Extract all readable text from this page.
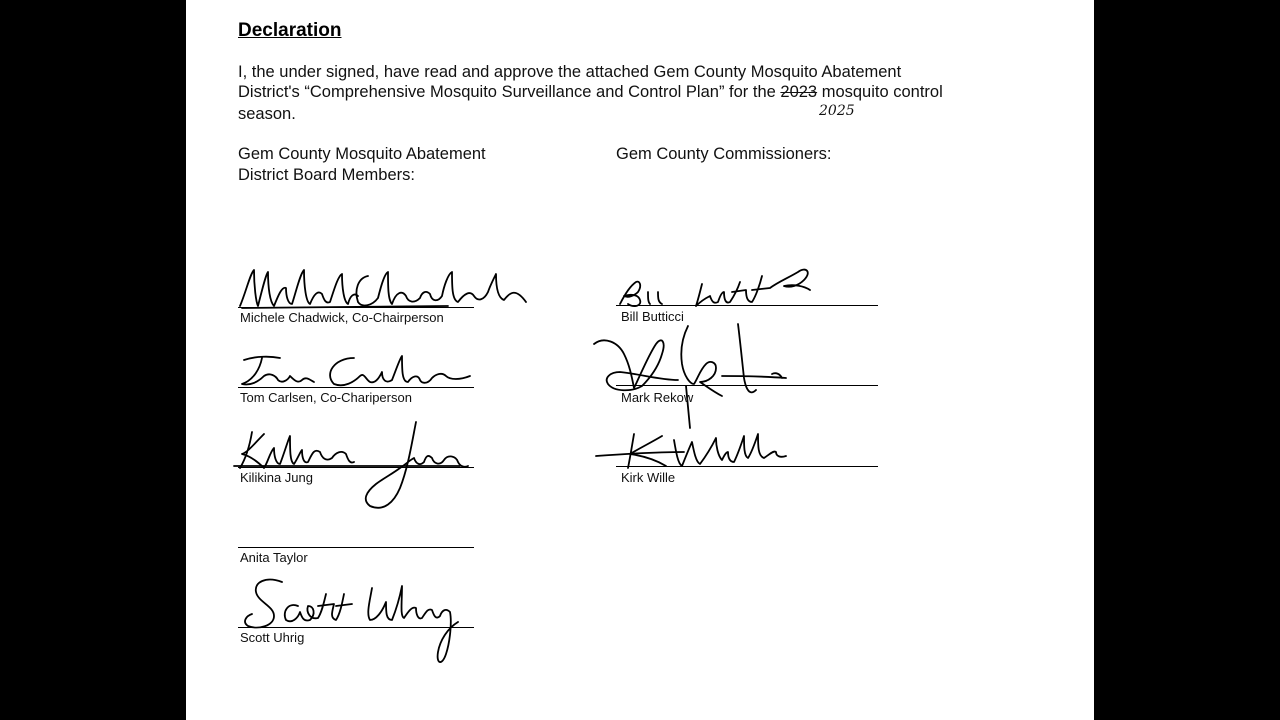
Declaration
I, the under signed, have read and approve the attached Gem County Mosquito Abatement
District's “Comprehensive Mosquito Surveillance and Control Plan” for the 2023 mosquito control
2025
season.
Gem County Mosquito Abatement
District Board Members:
Gem County Commissioners:
Michele Chadwick, Co-Chairperson
Tom Carlsen, Co-Chariperson
Kilikina Jung
Anita Taylor
Scott Uhrig
Bill Butticci
Mark Rekow
Kirk Wille
